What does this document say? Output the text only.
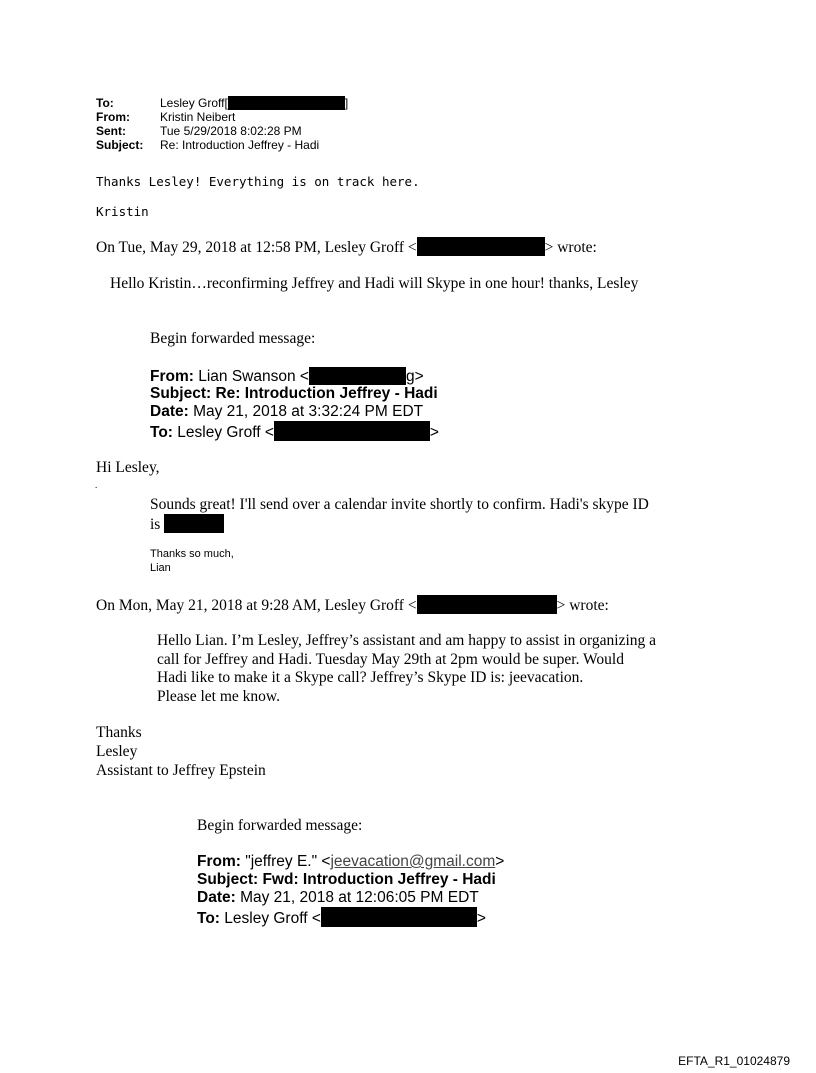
To:	Lesley Groff[ ]
From:	Kristin Neibert
Sent:	Tue 5/29/2018 8:02:28 PM
Subject:	Re: Introduction Jeffrey - Hadi
Thanks Lesley! Everything is on track here.
Kristin
On Tue, May 29, 2018 at 12:58 PM, Lesley Groff <	> wrote:
Hello Kristin…reconfirming Jeffrey and Hadi will Skype in one hour! thanks, Lesley
Begin forwarded message:
From: Lian Swanson <	g>
Subject: Re: Introduction Jeffrey - Hadi
Date: May 21, 2018 at 3:32:24 PM EDT
To: Lesley Groff <	>
Hi Lesley,
.
Sounds great! I'll send over a calendar invite shortly to confirm. Hadi's skype ID
is
Thanks so much,
Lian
On Mon, May 21, 2018 at 9:28 AM, Lesley Groff <	> wrote:
Hello Lian. I’m Lesley, Jeffrey’s assistant and am happy to assist in organizing a
call for Jeffrey and Hadi. Tuesday May 29th at 2pm would be super. Would
Hadi like to make it a Skype call? Jeffrey’s Skype ID is: jeevacation.
Please let me know.
Thanks
Lesley
Assistant to Jeffrey Epstein
Begin forwarded message:
From: "jeffrey E." <jeevacation@gmail.com>
Subject: Fwd: Introduction Jeffrey - Hadi
Date: May 21, 2018 at 12:06:05 PM EDT
To: Lesley Groff <	>
EFTA_R1_01024879
